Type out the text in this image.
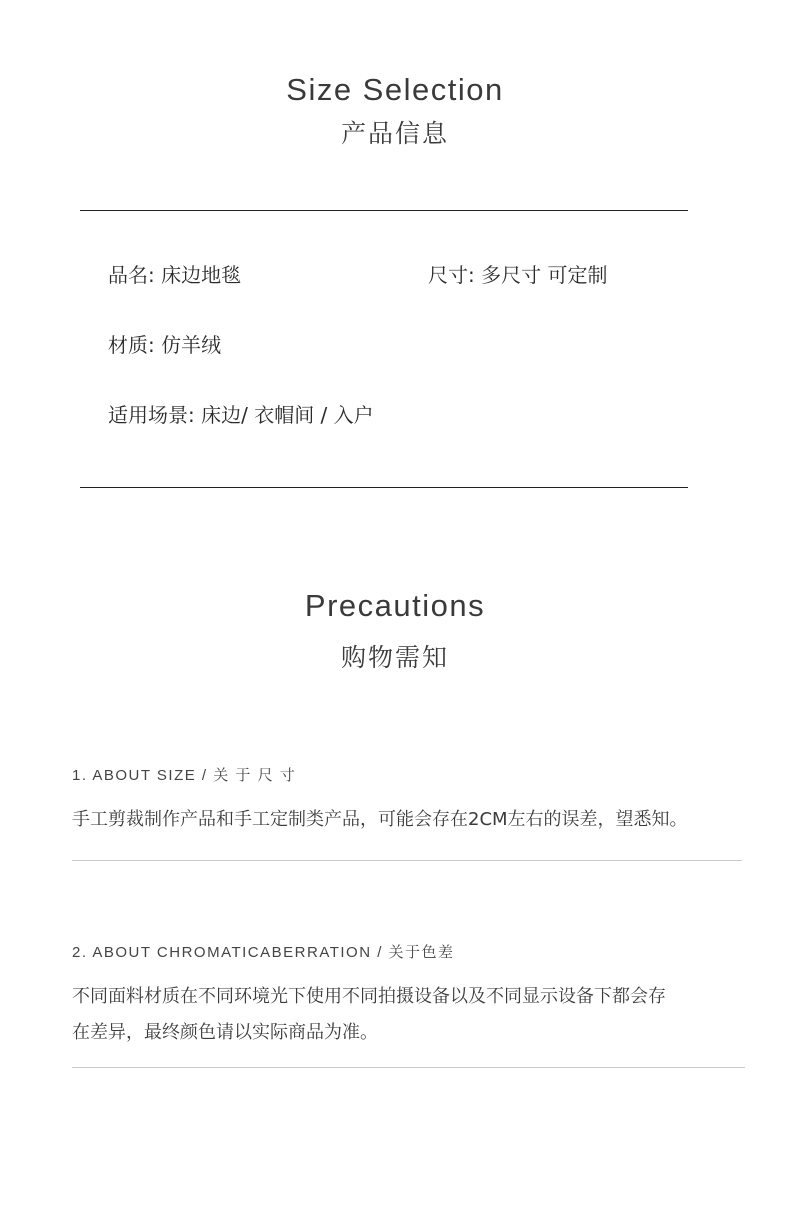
Size Selection
产品信息
品名: 床边地毯	尺寸: 多尺寸 可定制
材质: 仿羊绒
适用场景: 床边/ 衣帽间 / 入户
Precautions
购物需知
1. ABOUT SIZE / 关 于 尺 寸
手工剪裁制作产品和手工定制类产品，可能会存在2CM左右的误差，望悉知。
2. ABOUT CHROMATICABERRATION / 关于色差
不同面料材质在不同环境光下使用不同拍摄设备以及不同显示设备下都会存
在差异，最终颜色请以实际商品为准。
